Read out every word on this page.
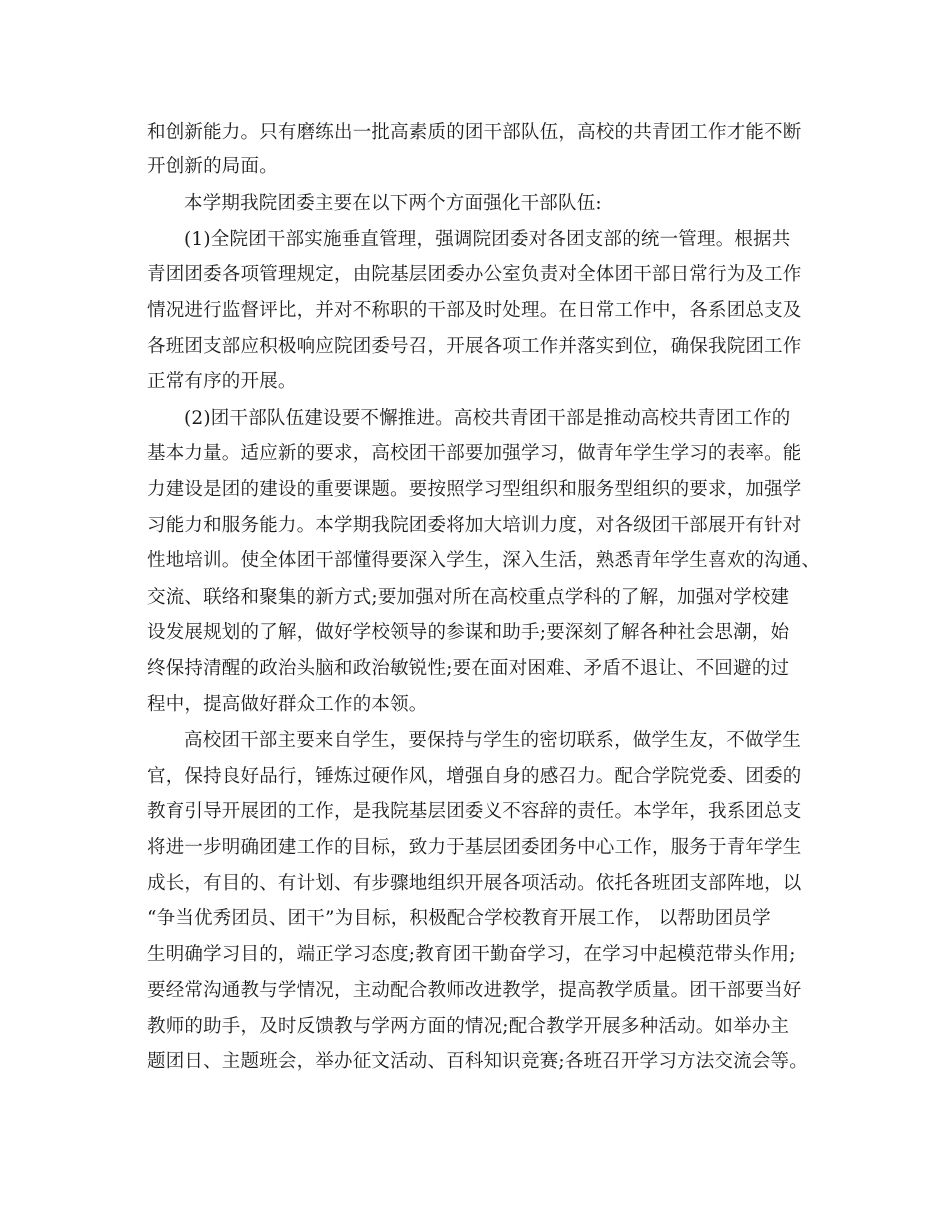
和创新能力。只有磨练出一批高素质的团干部队伍，高校的共青团工作才能不断
开创新的局面。
本学期我院团委主要在以下两个方面强化干部队伍:
(1)全院团干部实施垂直管理，强调院团委对各团支部的统一管理。根据共
青团团委各项管理规定，由院基层团委办公室负责对全体团干部日常行为及工作
情况进行监督评比，并对不称职的干部及时处理。在日常工作中，各系团总支及
各班团支部应积极响应院团委号召，开展各项工作并落实到位，确保我院团工作
正常有序的开展。
(2)团干部队伍建设要不懈推进。高校共青团干部是推动高校共青团工作的
基本力量。适应新的要求，高校团干部要加强学习，做青年学生学习的表率。能
力建设是团的建设的重要课题。要按照学习型组织和服务型组织的要求，加强学
习能力和服务能力。本学期我院团委将加大培训力度，对各级团干部展开有针对
性地培训。使全体团干部懂得要深入学生，深入生活，熟悉青年学生喜欢的沟通、
交流、联络和聚集的新方式;要加强对所在高校重点学科的了解，加强对学校建
设发展规划的了解，做好学校领导的参谋和助手;要深刻了解各种社会思潮，始
终保持清醒的政治头脑和政治敏锐性;要在面对困难、矛盾不退让、不回避的过
程中，提高做好群众工作的本领。
高校团干部主要来自学生，要保持与学生的密切联系，做学生友，不做学生
官，保持良好品行，锤炼过硬作风，增强自身的感召力。配合学院党委、团委的
教育引导开展团的工作，是我院基层团委义不容辞的责任。本学年，我系团总支
将进一步明确团建工作的目标，致力于基层团委团务中心工作，服务于青年学生
成长，有目的、有计划、有步骤地组织开展各项活动。依托各班团支部阵地，以
“争当优秀团员、团干”为目标，积极配合学校教育开展工作， 以帮助团员学
生明确学习目的，端正学习态度;教育团干勤奋学习，在学习中起模范带头作用;
要经常沟通教与学情况，主动配合教师改进教学，提高教学质量。团干部要当好
教师的助手，及时反馈教与学两方面的情况;配合教学开展多种活动。如举办主
题团日、主题班会，举办征文活动、百科知识竞赛;各班召开学习方法交流会等。
